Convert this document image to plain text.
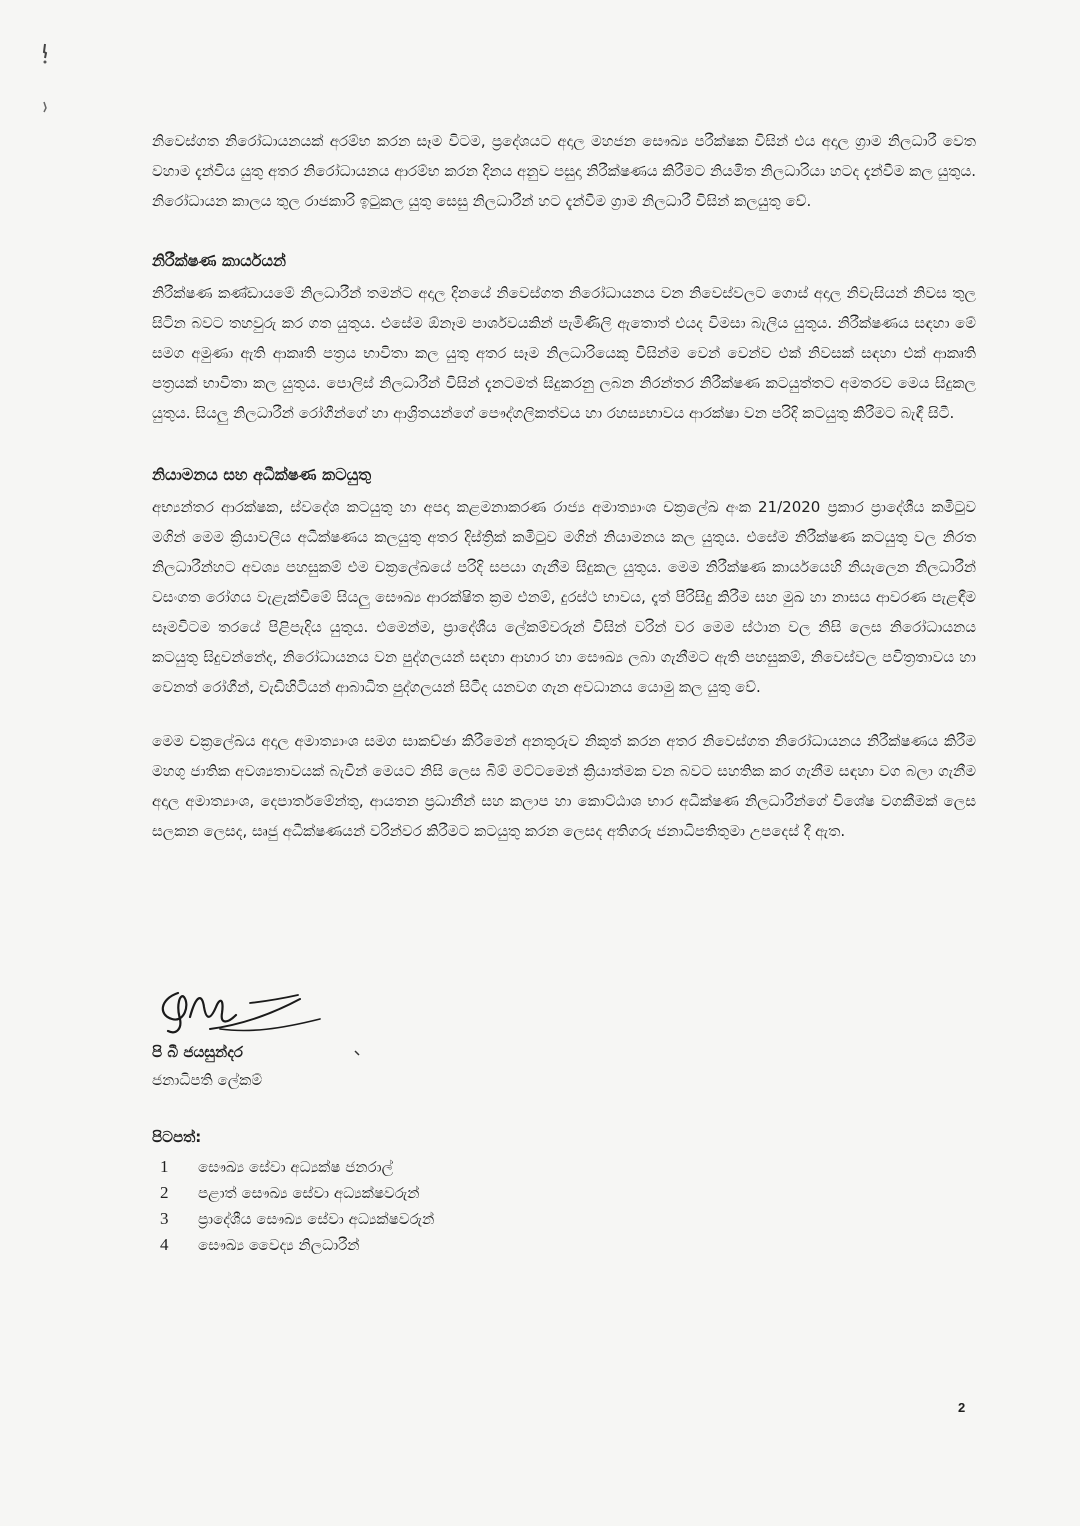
නිවෙස්ගත නිරෝධායනයක් අරම්භ කරන සෑම විටම, ප්‍රදේශයට අදාල මහජන සෞඛ්‍ය පරීක්ෂක විසින් එය අදාල ග්‍රාම නිලධාරී වෙත වහාම දැන්විය යුතු අතර නිරෝධායනය ආරම්භ කරන දිනය අනුව පසුදා නිරීක්ෂණය කිරීමට නියමිත නිලධාරියා හටද දැන්වීම කල යුතුය. නිරෝධායන කාලය තුල රාජකාරි ඉටුකල යුතු සෙසු නිලධාරීන් හට දැන්වීම ග්‍රාම නිලධාරී විසින් කලයුතු වේ.

නිරීක්ෂණ කාර්යයන්

නිරීක්ෂණ කණ්ඩායමේ නිලධාරීන් තමන්ට අදාල දිනයේ නිවෙස්ගත නිරෝධායනය වන නිවෙස්වලට ගොස් අදාල නිවැසියන් නිවස තුල සිටින බවට තහවුරු කර ගත යුතුය. එසේම ඕනෑම පාර්ශවයකින් පැමිණිලි ඇතොත් එයද විමසා බැලිය යුතුය. නිරීක්ෂණය සඳහා මේ සමග අමුණා ඇති ආකෘති පත්‍රය භාවිතා කල යුතු අතර සෑම නිලධාරියෙකු විසින්ම වෙන් වෙන්ව එක් නිවසක් සඳහා එක් ආකෘති පත්‍රයක් භාවිතා කල යුතුය. පොලිස් නිලධාරීන් විසින් දැනටමත් සිදුකරනු ලබන නිරන්තර නිරීක්ෂණ කටයුත්තට අමතරව මෙය සිදුකල යුතුය. සියලු නිලධාරීන් රෝගීන්ගේ හා ආශ්‍රිතයන්ගේ පෞද්ගලිකත්වය හා රහස්‍යභාවය ආරක්ෂා වන පරිදි කටයුතු කිරීමට බැඳී සිටී.

නියාමනය සහ අධීක්ෂණ කටයුතු

අභ්‍යන්තර ආරක්ෂක, ස්වදේශ කටයුතු හා අපදා කළමනාකරණ රාජ්‍ය අමාත්‍යාංශ චක්‍රලේඛ අංක 21/2020 ප්‍රකාර ප්‍රාදේශීය කමිටුව මගින් මෙම ක්‍රියාවලිය අධීක්ෂණය කලයුතු අතර දිස්ත්‍රික් කමිටුව මගින් නියාමනය කල යුතුය. එසේම නිරීක්ෂණ කටයුතු වල නිරත නිලධාරීන්හට අවශ්‍ය පහසුකම් එම චක්‍රලේඛයේ පරිදි සපයා ගැනීම සිදුකල යුතුය. මෙම නිරීක්ෂණ කාර්යයෙහි නියැලෙන නිලධාරීන් වසංගත රෝගය වැළැක්වීමේ සියලු සෞඛ්‍ය ආරක්ෂිත ක්‍රම එනම්, දුරස්ථ භාවය, දෑත් පිරිසිදු කිරීම සහ මුඛ හා නාසය ආවරණ පැළඳීම සෑමවිටම තරයේ පිළිපැදිය යුතුය. එමෙන්ම, ප්‍රාදේශීය ලේකම්වරුන් විසින් වරින් වර මෙම ස්ථාන වල නිසි ලෙස නිරෝධායනය කටයුතු සිදුවන්නේද, නිරෝධායනය වන පුද්ගලයන් සඳහා ආහාර හා සෞඛ්‍ය ලබා ගැනීමට ඇති පහසුකම්, නිවෙස්වල පවිත්‍රතාවය හා වෙනත් රෝගීන්, වැඩිහිටියන් ආබාධිත පුද්ගලයන් සිටීද යනවග ගැන අවධානය යොමු කල යුතු වේ.

මෙම චක්‍රලේඛය අදාල අමාත්‍යාංශ සමග සාකච්ඡා කිරීමෙන් අනතුරුව නිකුත් කරන අතර නිවෙස්ගත නිරෝධායනය නිරීක්ෂණය කිරීම මහගු ජාතික අවශ්‍යතාවයක් බැවින් මෙයට නිසි ලෙස බිම් මට්ටමෙන් ක්‍රියාත්මක වන බවට සහතික කර ගැනීම සඳහා වග බලා ගැනීම අදාල අමාත්‍යාංශ, දෙපාර්තමේන්තු, ආයතන ප්‍රධානීන් සහ කලාප හා කොට්ඨාශ භාර අධීක්ෂණ නිලධාරීන්ගේ විශේෂ වගකීමක් ලෙස සලකන ලෙසද, සෘජු අධීක්ෂණයන් වරින්වර කිරීමට කටයුතු කරන ලෙසද අතිගරු ජනාධිපතිතුමා උපදෙස් දී ඇත.

පි බී ජයසුන්දර

ජනාධිපති ලේකම්

පිටපත්:

1	සෞඛ්‍ය සේවා අධ්‍යක්ෂ ජනරාල්
2	පළාත් සෞඛ්‍ය සේවා අධ්‍යක්ෂවරුන්
3	ප්‍රාදේශීය සෞඛ්‍ය සේවා අධ්‍යක්ෂවරුන්
4	සෞඛ්‍ය වෛද්‍ය නිලධාරීන්
2
